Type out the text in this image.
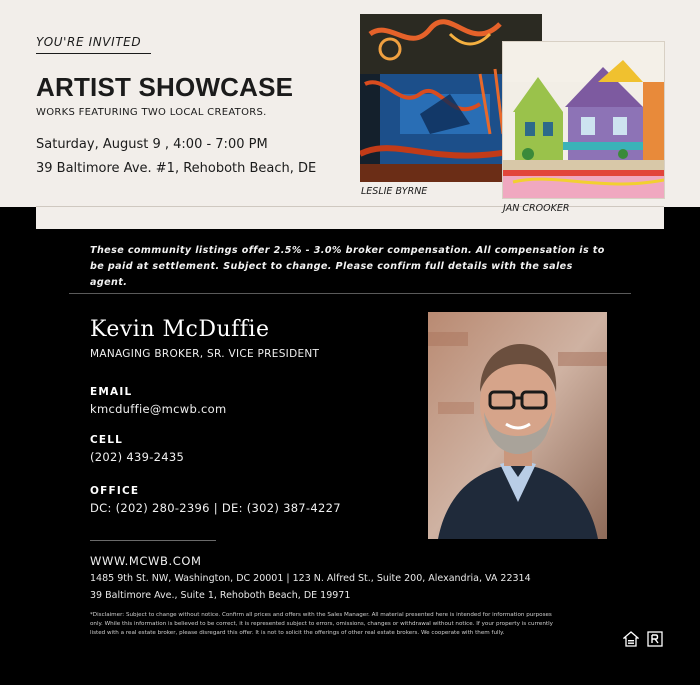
YOU'RE INVITED
ARTIST SHOWCASE
WORKS FEATURING TWO LOCAL CREATORS.
Saturday, August 9 , 4:00 - 7:00 PM
39 Baltimore Ave. #1, Rehoboth Beach, DE
LESLIE BYRNE
JAN CROOKER

These community listings offer 2.5% - 3.0% broker compensation. All compensation is to be paid at settlement. Subject to change. Please confirm full details with the sales agent.

Kevin McDuffie
MANAGING BROKER, SR. VICE PRESIDENT
EMAIL
kmcduffie@mcwb.com
CELL
(202) 439-2435
OFFICE
DC: (202) 280-2396 | DE: (302) 387-4227
WWW.MCWB.COM
1485 9th St. NW, Washington, DC 20001 | 123 N. Alfred St., Suite 200, Alexandria, VA 22314
39 Baltimore Ave., Suite 1, Rehoboth Beach, DE 19971

*Disclaimer: Subject to change without notice. Confirm all prices and offers with the Sales Manager. All material presented here is intended for information purposes only. While this information is believed to be correct, it is represented subject to errors, omissions, changes or withdrawal without notice. If your property is currently listed with a real estate broker, please disregard this offer. It is not to solicit the offerings of other real estate brokers. We cooperate with them fully.
